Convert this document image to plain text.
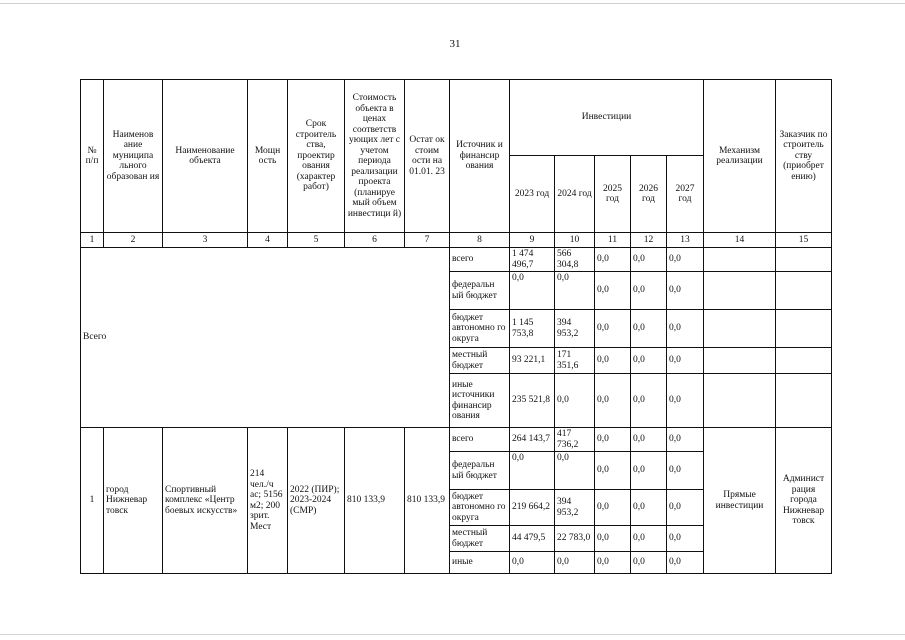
31
№ п/п	Наименов ание муниципа льного образован ия	Наименование объекта	Мощн ость	Срок строитель ства, проектир ования (характер работ)	Стоимость объекта в ценах соответств ующих лет с учетом периода реализации проекта (планируе мый объем инвестици й)	Остат ок стоим ости на 01.01. 23	Источник и финансир ования	Инвестиции					Механизм реализации	Заказчик по строитель ству (приобрет ению)
								2023 год	2024 год	2025 год	2026 год	2027 год		
1	2	3	4	5	6	7	8	9	10	11	12	13	14	15
Всего							всего	1 474 496,7	566 304,8	0,0	0,0	0,0		
							федеральн ый бюджет	0,0	0,0	0,0	0,0	0,0		
							бюджет автономно го округа	1 145 753,8	394 953,2	0,0	0,0	0,0		
							местный бюджет	93 221,1	171 351,6	0,0	0,0	0,0		
							иные источники финансир ования	235 521,8	0,0	0,0	0,0	0,0		
1	город Нижневар товск	Спортивный комплекс «Центр боевых искусств»	214 чел./ч ас; 5156 м2; 200 зрит. Мест	2022 (ПИР); 2023-2024 (СМР)	810 133,9	810 133,9	всего	264 143,7	417 736,2	0,0	0,0	0,0	Прямые инвестиции	Админист рация города Нижневар товск
							федеральн ый бюджет	0,0	0,0	0,0	0,0	0,0		
							бюджет автономно го округа	219 664,2	394 953,2	0,0	0,0	0,0		
							местный бюджет	44 479,5	22 783,0	0,0	0,0	0,0		
							иные	0,0	0,0	0,0	0,0	0,0		
